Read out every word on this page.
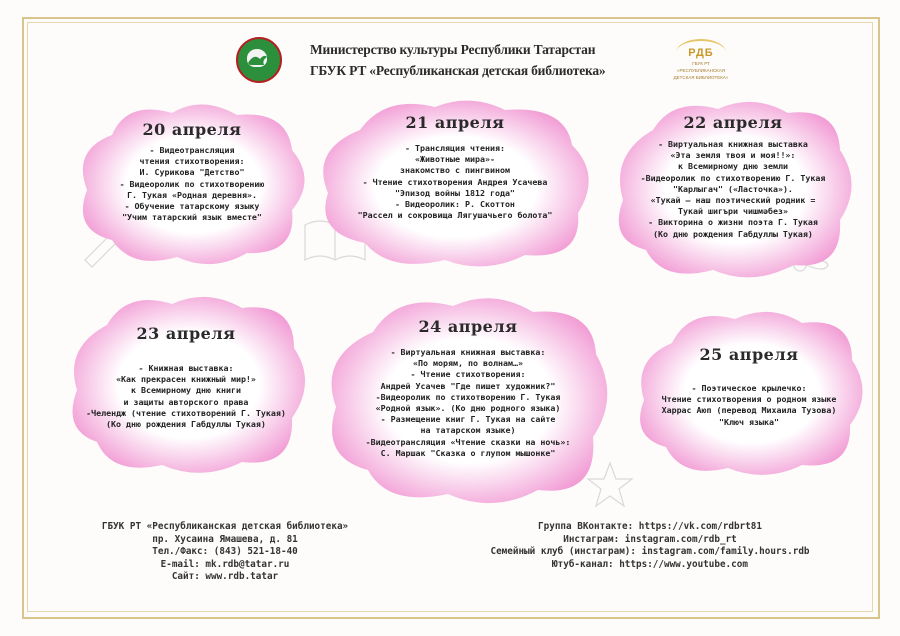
Министерство культуры Республики Татарстан
ГБУК РТ «Республиканская детская библиотека»
РДБ
ГБУК РТ
«РЕСПУБЛИКАНСКАЯ
ДЕТСКАЯ БИБЛИОТЕКА»
20 апреля
- Видеотрансляция
чтения стихотворения:
И. Сурикова "Детство"
- Видеоролик по стихотворению
Г. Тукая «Родная деревня».
- Обучение татарскому языку
"Учим татарский язык вместе"
21 апреля
- Трансляция чтения:
«Животные мира»-
знакомство с пингвином
- Чтение стихотворения Андрея Усачева
"Эпизод войны 1812 года"
- Видеоролик: Р. Скоттон
"Рассел и сокровища Лягушачьего болота"
22 апреля
- Виртуальная книжная выставка
«Эта земля твоя и моя!!»:
к Всемирному дню земли
-Видеоролик по стихотворению Г. Тукая
"Карлыгач" («Ласточка»).
«Тукай – наш поэтический родник =
Тукай шигъри чишмәбез»
- Викторина о жизни поэта Г. Тукая
(Ко дню рождения Габдуллы Тукая)
23 апреля
- Книжная выставка:
«Как прекрасен книжный мир!»
к Всемирному дню книги
и защиты авторского права
-Челендж (чтение стихотворений Г. Тукая)
(Ко дню рождения Габдуллы Тукая)
24 апреля
- Виртуальная книжная выставка:
«По морям, по волнам…»
- Чтение стихотворения:
Андрей Усачев "Где пишет художник?"
-Видеоролик по стихотворению Г. Тукая
«Родной язык». (Ко дню родного языка)
- Размещение книг Г. Тукая на сайте
на татарском языке)
-Видеотрансляция «Чтение сказки на ночь»:
С. Маршак "Сказка о глупом мышонке"
25 апреля
- Поэтическое крылечко:
Чтение стихотворения о родном языке
Харрас Аюп (перевод Михаила Тузова)
"Ключ языка"
ГБУК РТ «Республиканская детская библиотека»
пр. Хусаина Ямашева, д. 81
Тел./Факс: (843) 521-18-40
E-mail: mk.rdb@tatar.ru
Сайт: www.rdb.tatar
Группа ВКонтакте: https://vk.com/rdbrt81
Инстаграм: instagram.com/rdb_rt
Семейный клуб (инстаграм): instagram.com/family.hours.rdb
Ютуб-канал: https://www.youtube.com
